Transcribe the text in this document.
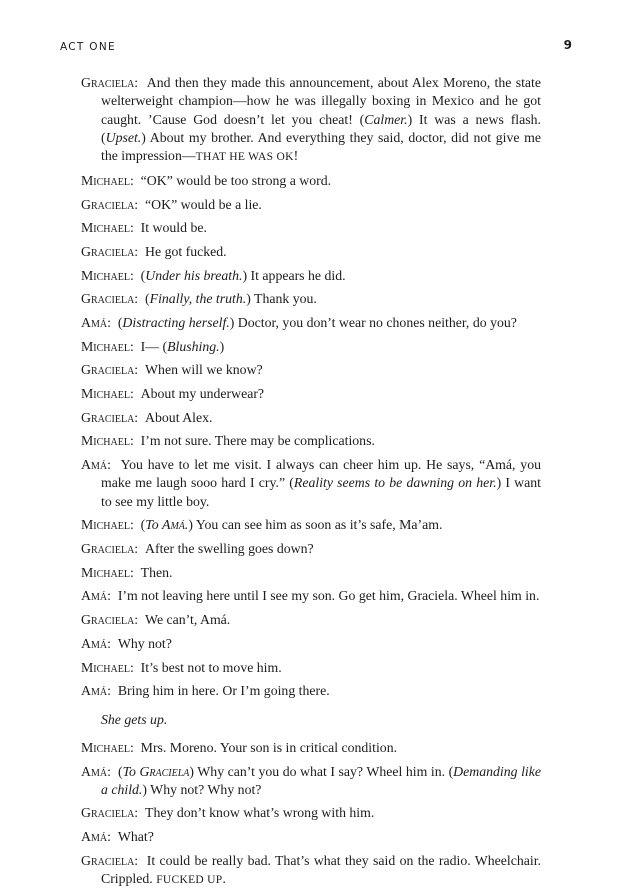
ACT ONE	9

Graciela : And then they made this announcement, about Alex Moreno, the state welterweight champion—how he was illegally boxing in Mexico and he got caught. ’Cause God doesn’t let you cheat! (Calmer.) It was a news flash. (Upset.) About my brother. And everything they said, doctor, did not give me the impression—THAT HE WAS OK!

Michael : “OK” would be too strong a word.

Graciela : “OK” would be a lie.

Michael : It would be.

Graciela : He got fucked.

Michael : (Under his breath.) It appears he did.

Graciela : (Finally, the truth.) Thank you.

Amá : (Distracting herself.) Doctor, you don’t wear no chones neither, do you?

Michael : I— (Blushing.)

Graciela : When will we know?

Michael : About my underwear?

Graciela : About Alex.

Michael : I’m not sure. There may be complications.

Amá : You have to let me visit. I always can cheer him up. He says, “Amá, you make me laugh sooo hard I cry.” (Reality seems to be dawning on her.) I want to see my little boy.

Michael : (To Amá.) You can see him as soon as it’s safe, Ma’am.

Graciela : After the swelling goes down?

Michael : Then.

Amá : I’m not leaving here until I see my son. Go get him, Graciela. Wheel him in.

Graciela : We can’t, Amá.

Amá : Why not?

Michael : It’s best not to move him.

Amá : Bring him in here. Or I’m going there.

She gets up.

Michael : Mrs. Moreno. Your son is in critical condition.

Amá : (To Graciela) Why can’t you do what I say? Wheel him in. (Demanding like a child.) Why not? Why not?

Graciela : They don’t know what’s wrong with him.

Amá : What?

Graciela : It could be really bad. That’s what they said on the radio. Wheelchair. Crippled. FUCKED UP.
